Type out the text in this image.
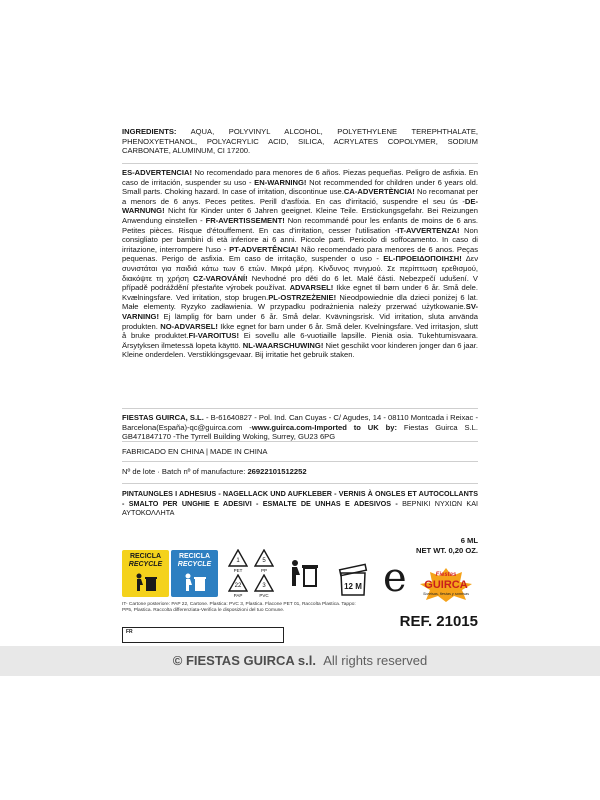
INGREDIENTS: AQUA, POLYVINYL ALCOHOL, POLYETHYLENE TEREPHTHALATE, PHENOXYETHANOL, POLYACRYLIC ACID, SILICA, ACRYLATES COPOLYMER, SODIUM CARBONATE, ALUMINUM, CI 17200.
ES-ADVERTENCIA! No recomendado para menores de 6 años. Piezas pequeñas. Peligro de asfixia. En caso de irritación, suspender su uso - EN-WARNING! Not recommended for children under 6 years old. Small parts. Choking hazard. In case of irritation, discontinue use.CA-ADVERTÈNCIA! No recomanat per a menors de 6 anys. Peces petites. Perill d'asfíxia. En cas d'irritació, suspendre el seu ús -DE-WARNUNG! Nicht für Kinder unter 6 Jahren geeignet. Kleine Teile. Erstickungsgefahr. Bei Reizungen Anwendung einstellen - FR-AVERTISSEMENT! Non recommandé pour les enfants de moins de 6 ans. Petites pièces. Risque d'étouffement. En cas d'irritation, cesser l'utilisation -IT-AVVERTENZA! Non consigliato per bambini di età inferiore ai 6 anni. Piccole parti. Pericolo di soffocamento. In caso di irritazione, interrompere l'uso - PT-ADVERTÊNCIA! Não recomendado para menores de 6 anos. Peças pequenas. Perigo de asfixia. Em caso de irritação, suspender o uso - EL-ΠΡΟΕΙΔΟΠΟΙΗΣΗ! Δεν συνιστάται για παιδιά κάτω των 6 ετών. Μικρά μέρη. Κίνδυνος πνιγμού. Σε περίπτωση ερεθισμού, διακόψτε τη χρήση CZ-VAROVÁNÍ! Nevhodné pro děti do 6 let. Malé části. Nebezpečí udušení. V případě podráždění přestaňte výrobek používat. ADVARSEL! Ikke egnet til børn under 6 år. Små dele. Kvælningsfare. Ved irritation, stop brugen.PL-OSTRZEŻENIE! Nieodpowiednie dla dzieci poniżej 6 lat. Małe elementy. Ryzyko zadławienia. W przypadku podrażnienia należy przerwać użytkowanie.SV-VARNING! Ej lämplig för barn under 6 år. Små delar. Kvävningsrisk. Vid irritation, sluta använda produkten. NO-ADVARSEL! Ikke egnet for barn under 6 år. Små deler. Kvelningsfare. Ved irritasjon, slutt å bruke produktet.FI-VAROITUS! Ei sovellu alle 6-vuotiaille lapsille. Pieniä osia. Tukehtumisvaara. Ärsytyksen ilmetessä lopeta käyttö. NL-WAARSCHUWING! Niet geschikt voor kinderen jonger dan 6 jaar. Kleine onderdelen. Verstikkingsgevaar. Bij irritatie het gebruik staken.
FIESTAS GUIRCA, S.L. - B-61640827 - Pol. Ind. Can Cuyas - C/ Agudes, 14 - 08110 Montcada i Reixac -Barcelona(España)-qc@guirca.com -www.guirca.com-Imported to UK by: Fiestas Guirca S.L. GB471847170 -The Tyrrell Building Woking, Surrey, GU23 6PG
FABRICADO EN CHINA | MADE IN CHINA
Nº de lote · Batch nº of manufacture: 26922101512252
PINTAUNGLES I ADHESIUS - NAGELLACK UND AUFKLEBER - VERNIS À ONGLES ET AUTOCOLLANTS - SMALTO PER UNGHIE E ADESIVI - ESMALTE DE UNHAS E ADESIVOS - ΒΕΡΝΙΚΙ ΝΥΧΙΩΝ ΚΑΙ ΑΥΤΟΚΟΛΛΗΤΑ
6 ML
NET WT. 0,20 OZ.
RECICLA
RECYCLE
RECICLA
RECYCLE	1
PET
5
PP
22
PAP
3
PVC
12 M e
IT- Cartone posteriore: PAP 22, Cartone. Plastica: PVC 3, Plastica. Flacone PET 01, Raccolta Plastica. Tappo: PP5, Plastica. Raccolta differenziata-Verifica le disposizioni del tuo Comune.
Fiestas
GUIRCA
Sonrisas, fiestas y sonrisas
REF. 21015
FR
© FIESTAS GUIRCA s.l. All rights reserved
